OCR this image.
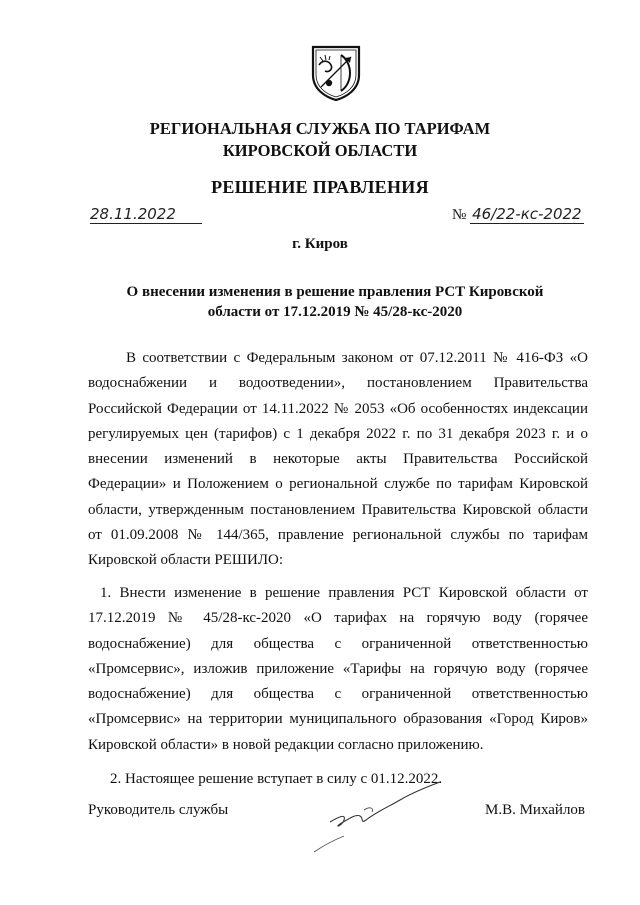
РЕГИОНАЛЬНАЯ СЛУЖБА ПО ТАРИФАМ
КИРОВСКОЙ ОБЛАСТИ
РЕШЕНИЕ ПРАВЛЕНИЯ
28.11.2022	№ 46/22-кс-2022
г. Киров
О внесении изменения в решение правления РСТ Кировской
области от 17.12.2019 № 45/28-кс-2020
В соответствии с Федеральным законом от 07.12.2011 № 416-ФЗ «О водоснабжении и водоотведении», постановлением Правительства Российской Федерации от 14.11.2022 № 2053 «Об особенностях индексации регулируемых цен (тарифов) с 1 декабря 2022 г. по 31 декабря 2023 г. и о внесении изменений в некоторые акты Правительства Российской Федерации» и Положением о региональной службе по тарифам Кировской области, утвержденным постановлением Правительства Кировской области от 01.09.2008 № 144/365, правление региональной службы по тарифам Кировской области РЕШИЛО:
1. Внести изменение в решение правления РСТ Кировской области от 17.12.2019 № 45/28-кс-2020 «О тарифах на горячую воду (горячее водоснабжение) для общества с ограниченной ответственностью «Промсервис», изложив приложение «Тарифы на горячую воду (горячее водоснабжение) для общества с ограниченной ответственностью «Промсервис» на территории муниципального образования «Город Киров» Кировской области» в новой редакции согласно приложению.
2. Настоящее решение вступает в силу с 01.12.2022.
Руководитель службы	М.В. Михайлов
